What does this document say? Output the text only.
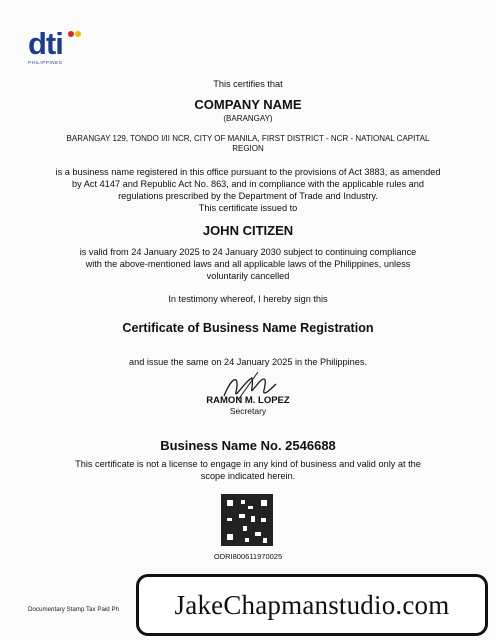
dti
PHILIPPINES
This certifies that
COMPANY NAME
(BARANGAY)
BARANGAY 129, TONDO I/II NCR, CITY OF MANILA, FIRST DISTRICT - NCR - NATIONAL CAPITAL
REGION
is a business name registered in this office pursuant to the provisions of Act 3883, as amended
by Act 4147 and Republic Act No. 863, and in compliance with the applicable rules and
regulations prescribed by the Department of Trade and Industry.
This certificate issued to
JOHN CITIZEN
is valid from 24 January 2025 to 24 January 2030 subject to continuing compliance
with the above-mentioned laws and all applicable laws of the Philippines, unless
voluntarily cancelled
In testimony whereof, I hereby sign this
Certificate of Business Name Registration
and issue the same on 24 January 2025 in the Philippines.
RAMON M. LOPEZ
Secretary
Business Name No. 2546688
This certificate is not a license to engage in any kind of business and valid only at the
scope indicated herein.
ODRI800611970025
Documentary Stamp Tax Paid Ph JakeChapmanstudio.com
